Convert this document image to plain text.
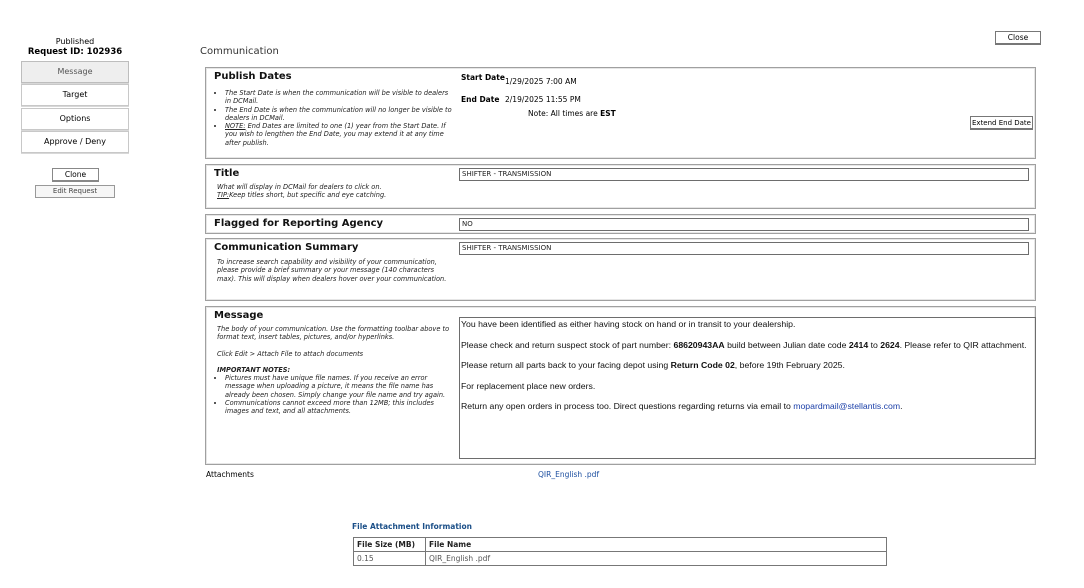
Published
Request ID: 102936
Message
Target
Options
Approve / Deny
Clone
Edit Request
Communication
Close
Publish Dates
• The Start Date is when the communication will be visible to dealers in DCMail.
• The End Date is when the communication will no longer be visible to dealers in DCMail.
• NOTE: End Dates are limited to one (1) year from the Start Date. If you wish to lengthen the End Date, you may extend it at any time after publish.
Start Date 1/29/2025 7:00 AM
End Date 2/19/2025 11:55 PM
Note: All times are EST
Extend End Date
Title
What will display in DCMail for dealers to click on.
TIP:Keep titles short, but specific and eye catching.
SHIFTER - TRANSMISSION
Flagged for Reporting Agency	NO
Communication Summary
To increase search capability and visibility of your communication, please provide a brief summary or your message (140 characters max). This will display when dealers hover over your communication.
SHIFTER - TRANSMISSION
Message
The body of your communication. Use the formatting toolbar above to format text, insert tables, pictures, and/or hyperlinks.
Click Edit > Attach File to attach documents
IMPORTANT NOTES:
• Pictures must have unique file names. If you receive an error message when uploading a picture, it means the file name has already been chosen. Simply change your file name and try again.
• Communications cannot exceed more than 12MB; this includes images and text, and all attachments.

You have been identified as either having stock on hand or in transit to your dealership.

Please check and return suspect stock of part number: 68620943AA build between Julian date code 2414 to 2624. Please refer to QIR attachment.

Please return all parts back to your facing depot using Return Code 02, before 19th February 2025.

For replacement place new orders.

Return any open orders in process too. Direct questions regarding returns via email to mopardmail@stellantis.com.

Attachments	QIR_English .pdf
File Attachment Information
File Size (MB)	File Name
0.15	QIR_English .pdf
